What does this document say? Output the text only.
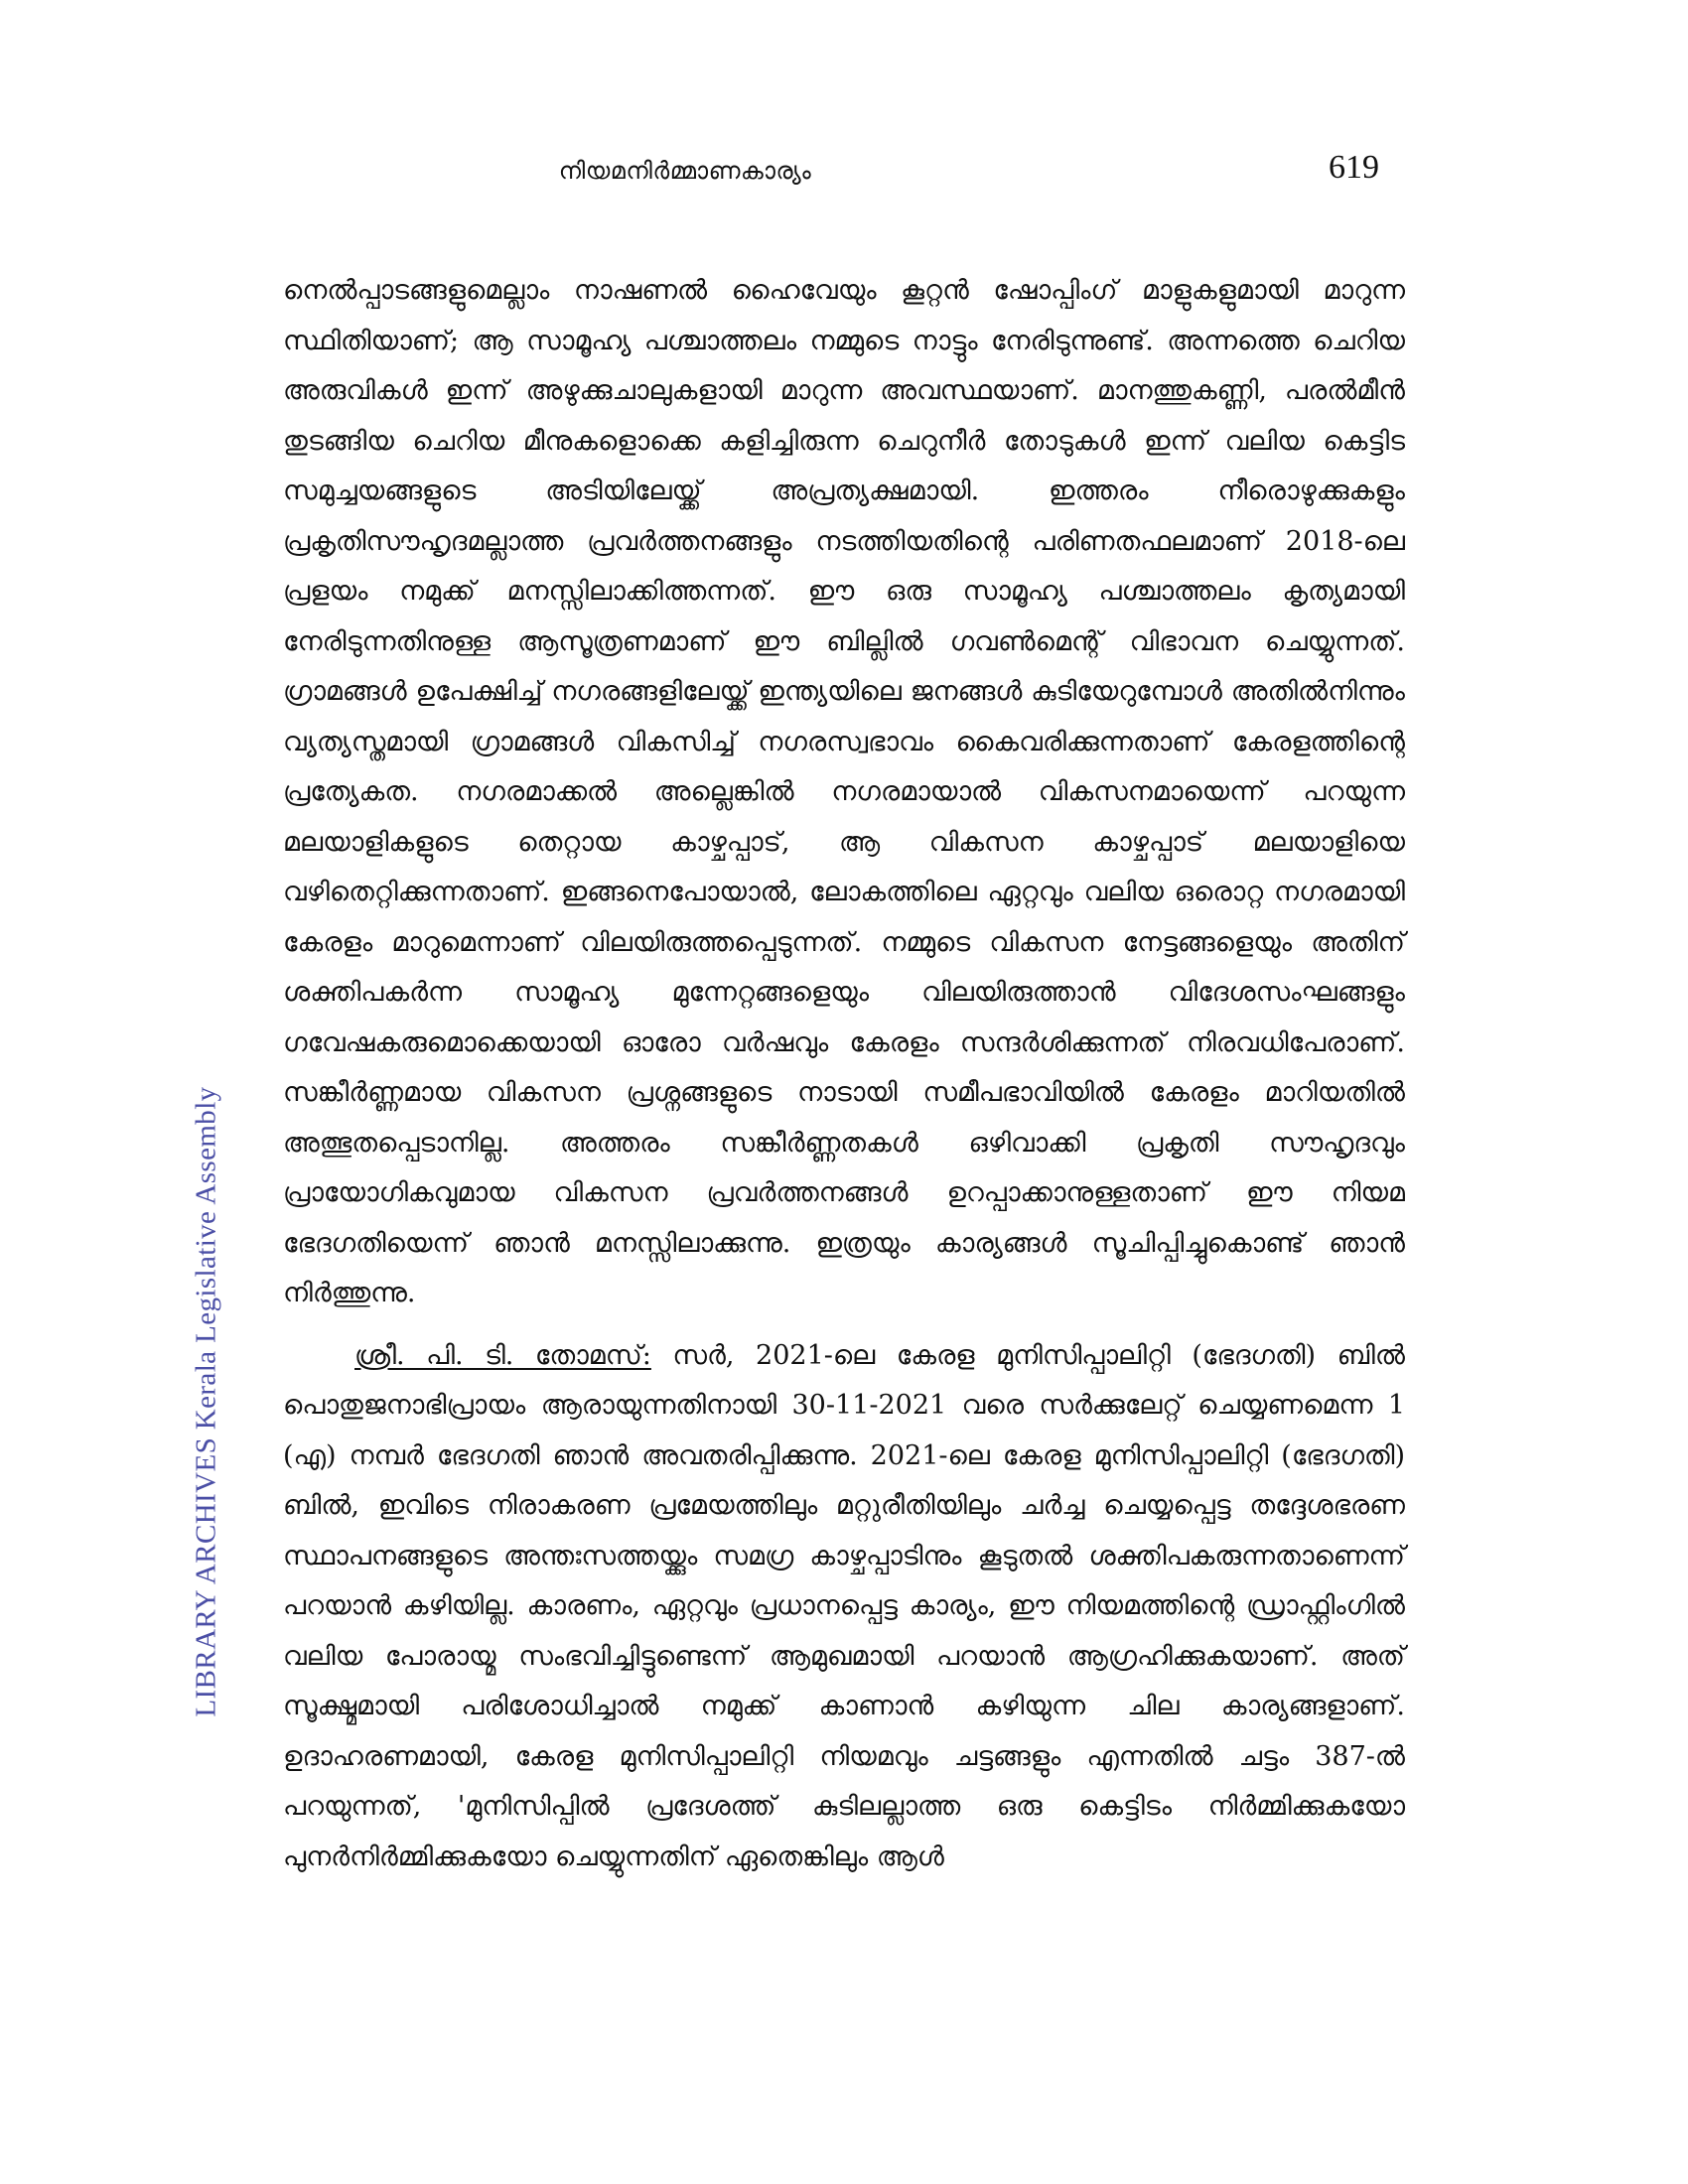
നിയമനിർമ്മാണകാര്യം	619
LIBRARY ARCHIVES Kerala Legislative Assembly

നെൽപ്പാടങ്ങളുമെല്ലാം നാഷണൽ ഹൈവേയും കൂറ്റൻ ഷോപ്പിംഗ് മാളുകളുമായി മാറുന്ന സ്ഥിതിയാണ്; ആ സാമൂഹ്യ പശ്ചാത്തലം നമ്മുടെ നാട്ടും നേരിടുന്നുണ്ട്. അന്നത്തെ ചെറിയ അരുവികൾ ഇന്ന് അഴുക്കുചാലുകളായി മാറുന്ന അവസ്ഥയാണ്. മാനത്തുകണ്ണി, പരൽമീൻ തുടങ്ങിയ ചെറിയ മീനുകളൊക്കെ കളിച്ചിരുന്ന ചെറുനീർ തോടുകൾ ഇന്ന് വലിയ കെട്ടിട സമുച്ചയങ്ങളുടെ അടിയിലേയ്ക്ക് അപ്രത്യക്ഷമായി. ഇത്തരം നീരൊഴുക്കുകളും പ്രകൃതിസൗഹൃദമല്ലാത്ത പ്രവർത്തനങ്ങളും നടത്തിയതിന്റെ പരിണതഫലമാണ് 2018-ലെ പ്രളയം നമുക്ക് മനസ്സിലാക്കിത്തന്നത്. ഈ ഒരു സാമൂഹ്യ പശ്ചാത്തലം കൃത്യമായി നേരിടുന്നതിനുള്ള ആസൂത്രണമാണ് ഈ ബില്ലിൽ ഗവൺമെന്റ് വിഭാവന ചെയ്യുന്നത്. ഗ്രാമങ്ങൾ ഉപേക്ഷിച്ച് നഗരങ്ങളിലേയ്ക്ക് ഇന്ത്യയിലെ ജനങ്ങൾ കുടിയേറുമ്പോൾ അതിൽനിന്നും വ്യത്യസ്തമായി ഗ്രാമങ്ങൾ വികസിച്ച് നഗരസ്വഭാവം കൈവരിക്കുന്നതാണ് കേരളത്തിന്റെ പ്രത്യേകത. നഗരമാക്കൽ അല്ലെങ്കിൽ നഗരമായാൽ വികസനമായെന്ന് പറയുന്ന മലയാളികളുടെ തെറ്റായ കാഴ്ചപ്പാട്, ആ വികസന കാഴ്ചപ്പാട് മലയാളിയെ വഴിതെറ്റിക്കുന്നതാണ്. ഇങ്ങനെപോയാൽ, ലോകത്തിലെ ഏറ്റവും വലിയ ഒരൊറ്റ നഗരമായി കേരളം മാറുമെന്നാണ് വിലയിരുത്തപ്പെടുന്നത്. നമ്മുടെ വികസന നേട്ടങ്ങളെയും അതിന് ശക്തിപകർന്ന സാമൂഹ്യ മുന്നേറ്റങ്ങളെയും വിലയിരുത്താൻ വിദേശസംഘങ്ങളും ഗവേഷകരുമൊക്കെയായി ഓരോ വർഷവും കേരളം സന്ദർശിക്കുന്നത് നിരവധിപേരാണ്. സങ്കീർണ്ണമായ വികസന പ്രശ്നങ്ങളുടെ നാടായി സമീപഭാവിയിൽ കേരളം മാറിയതിൽ അത്ഭുതപ്പെടാനില്ല. അത്തരം സങ്കീർണ്ണതകൾ ഒഴിവാക്കി പ്രകൃതി സൗഹൃദവും പ്രായോഗികവുമായ വികസന പ്രവർത്തനങ്ങൾ ഉറപ്പാക്കാനുള്ളതാണ് ഈ നിയമ ഭേദഗതിയെന്ന് ഞാൻ മനസ്സിലാക്കുന്നു. ഇത്രയും കാര്യങ്ങൾ സൂചിപ്പിച്ചുകൊണ്ട് ഞാൻ നിർത്തുന്നു.

ശ്രീ. പി. ടി. തോമസ്: സർ, 2021-ലെ കേരള മുനിസിപ്പാലിറ്റി (ഭേദഗതി) ബിൽ പൊതുജനാഭിപ്രായം ആരായുന്നതിനായി 30-11-2021 വരെ സർക്കുലേറ്റ് ചെയ്യണമെന്ന 1 (എ) നമ്പർ ഭേദഗതി ഞാൻ അവതരിപ്പിക്കുന്നു. 2021-ലെ കേരള മുനിസിപ്പാലിറ്റി (ഭേദഗതി) ബിൽ, ഇവിടെ നിരാകരണ പ്രമേയത്തിലും മറ്റുരീതിയിലും ചർച്ച ചെയ്യപ്പെട്ട തദ്ദേശഭരണ സ്ഥാപനങ്ങളുടെ അന്തഃസത്തയ്ക്കും സമഗ്ര കാഴ്ചപ്പാടിനും കൂടുതൽ ശക്തിപകരുന്നതാണെന്ന് പറയാൻ കഴിയില്ല. കാരണം, ഏറ്റവും പ്രധാനപ്പെട്ട കാര്യം, ഈ നിയമത്തിന്റെ ഡ്രാഫ്റ്റിംഗിൽ വലിയ പോരായ്മ സംഭവിച്ചിട്ടുണ്ടെന്ന് ആമുഖമായി പറയാൻ ആഗ്രഹിക്കുകയാണ്. അത് സൂക്ഷ്മമായി പരിശോധിച്ചാൽ നമുക്ക് കാണാൻ കഴിയുന്ന ചില കാര്യങ്ങളാണ്. ഉദാഹരണമായി, കേരള മുനിസിപ്പാലിറ്റി നിയമവും ചട്ടങ്ങളും എന്നതിൽ ചട്ടം 387-ൽ പറയുന്നത്, 'മുനിസിപ്പിൽ പ്രദേശത്ത് കുടിലല്ലാത്ത ഒരു കെട്ടിടം നിർമ്മിക്കുകയോ പുനർനിർമ്മിക്കുകയോ ചെയ്യുന്നതിന് ഏതെങ്കിലും ആൾ
